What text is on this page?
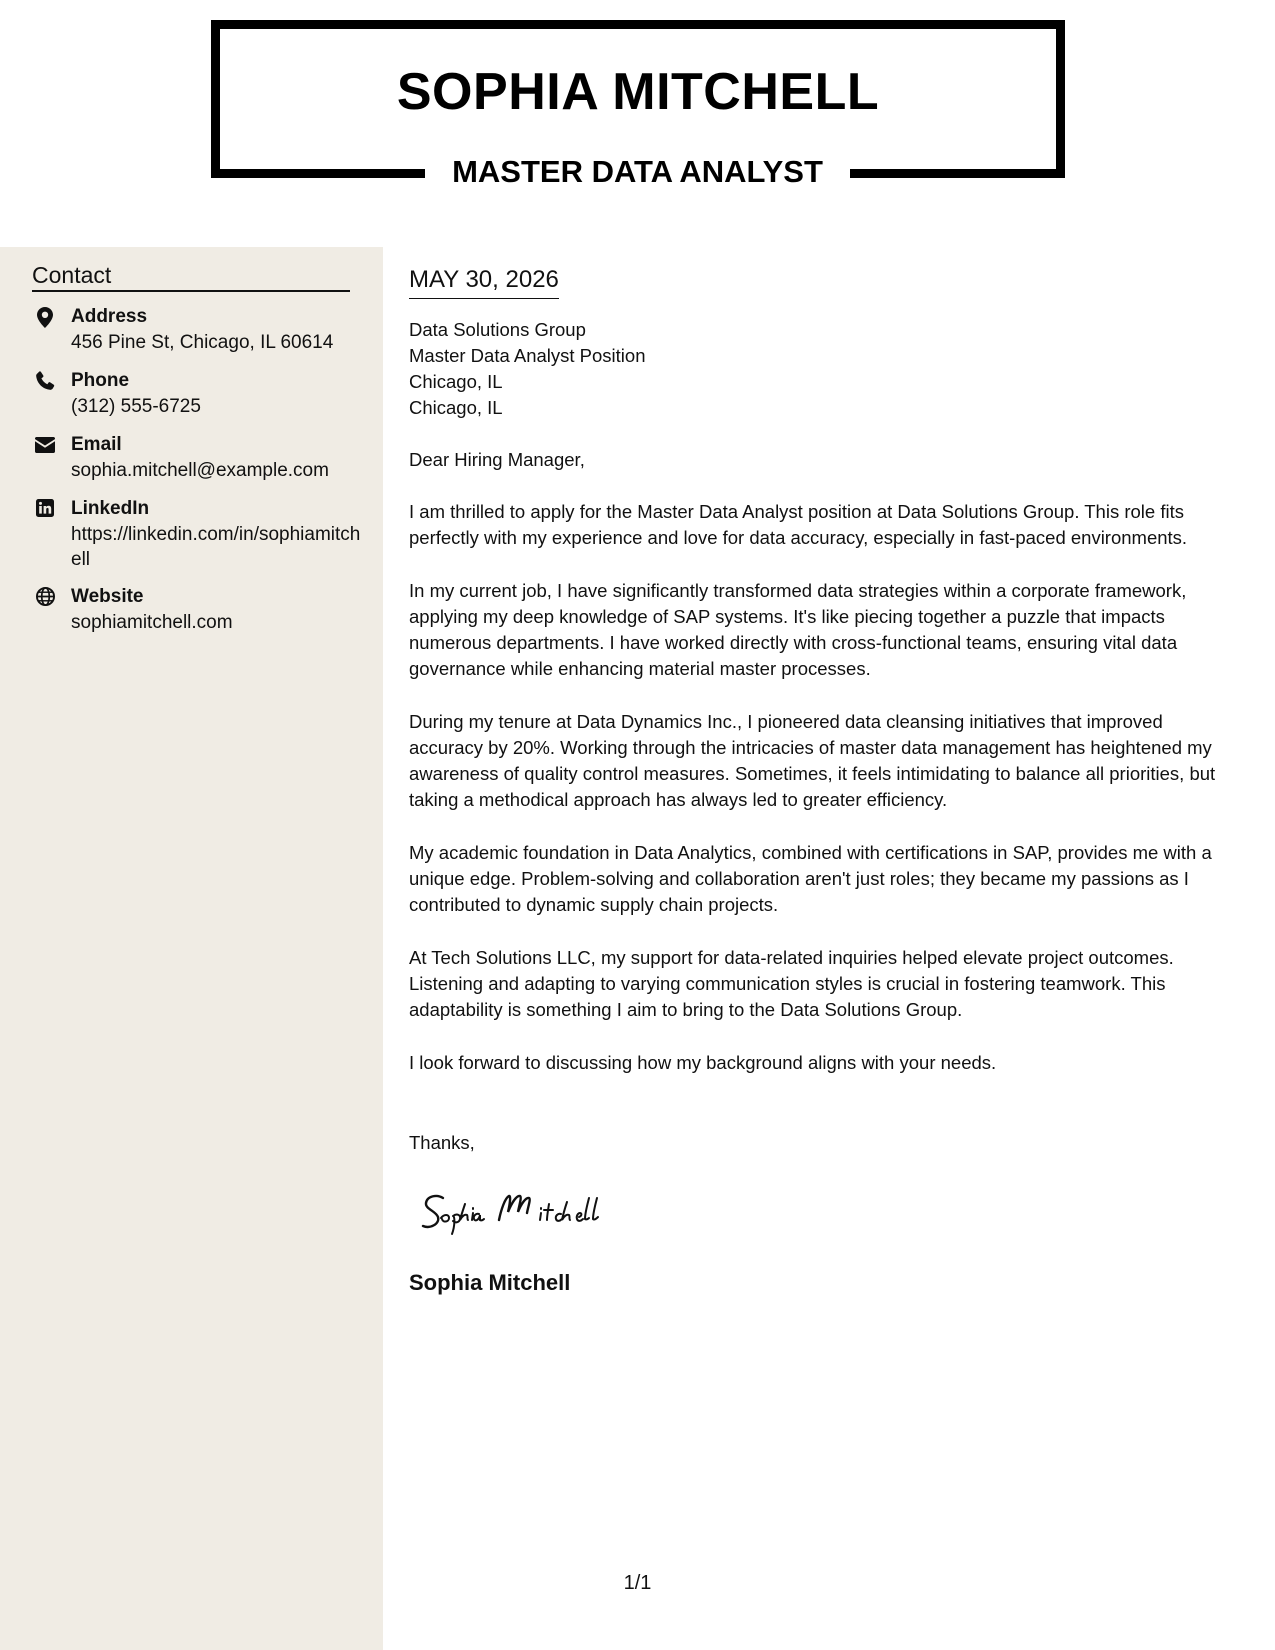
SOPHIA MITCHELL
MASTER DATA ANALYST
Contact
Address
456 Pine St, Chicago, IL 60614
Phone
(312) 555-6725
Email
sophia.mitchell@example.com
LinkedIn
https://linkedin.com/in/sophiamitchell
Website
sophiamitchell.com
MAY 30, 2026

Data Solutions Group

Master Data Analyst Position

Chicago, IL

Chicago, IL

Dear Hiring Manager,

I am thrilled to apply for the Master Data Analyst position at Data Solutions Group. This role fits perfectly with my experience and love for data accuracy, especially in fast-paced environments.

In my current job, I have significantly transformed data strategies within a corporate framework, applying my deep knowledge of SAP systems. It's like piecing together a puzzle that impacts numerous departments. I have worked directly with cross-functional teams, ensuring vital data governance while enhancing material master processes.

During my tenure at Data Dynamics Inc., I pioneered data cleansing initiatives that improved accuracy by 20%. Working through the intricacies of master data management has heightened my awareness of quality control measures. Sometimes, it feels intimidating to balance all priorities, but taking a methodical approach has always led to greater efficiency.

My academic foundation in Data Analytics, combined with certifications in SAP, provides me with a unique edge. Problem-solving and collaboration aren't just roles; they became my passions as I contributed to dynamic supply chain projects.

At Tech Solutions LLC, my support for data-related inquiries helped elevate project outcomes. Listening and adapting to varying communication styles is crucial in fostering teamwork. This adaptability is something I aim to bring to the Data Solutions Group.

I look forward to discussing how my background aligns with your needs.

Thanks,

Sophia Mitchell

1/1
